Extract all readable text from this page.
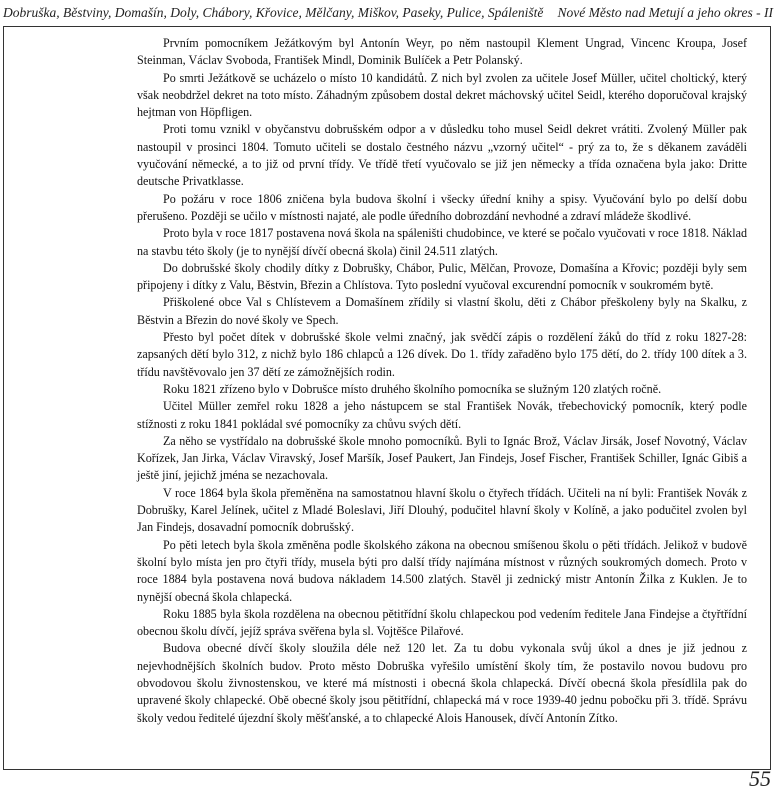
Dobruška, Běstviny, Domašín, Doly, Chábory, Křovice, Mělčany, Miškov, Paseky, Pulice, Spáleniště Nové Město nad Metují a jeho okres - II

Prvním pomocníkem Ježátkovým byl Antonín Weyr, po něm nastoupil Klement Ungrad, Vincenc Kroupa, Josef Steinman, Václav Svoboda, František Mindl, Dominik Bulíček a Petr Polanský.

Po smrti Ježátkově se ucházelo o místo 10 kandidátů. Z nich byl zvolen za učitele Josef Müller, učitel choltický, který však neobdržel dekret na toto místo. Záhadným způsobem dostal dekret máchovský učitel Seidl, kterého doporučoval krajský hejtman von Höpfligen.

Proti tomu vznikl v obyčanstvu dobrušském odpor a v důsledku toho musel Seidl dekret vrátiti. Zvolený Müller pak nastoupil v prosinci 1804. Tomuto učiteli se dostalo čestného názvu „vzorný učitel“ - prý za to, že s děkanem zaváděli vyučování německé, a to již od první třídy. Ve třídě třetí vyučovalo se již jen německy a třída označena byla jako: Dritte deutsche Privatklasse.

Po požáru v roce 1806 zničena byla budova školní i všecky úřední knihy a spisy. Vyučování bylo po delší dobu přerušeno. Později se učilo v místnosti najaté, ale podle úředního dobrozdání nevhodné a zdraví mládeže škodlivé.

Proto byla v roce 1817 postavena nová škola na spáleništi chudobince, ve které se počalo vyučovati v roce 1818. Náklad na stavbu této školy (je to nynější dívčí obecná škola) činil 24.511 zlatých.

Do dobrušské školy chodily dítky z Dobrušky, Chábor, Pulic, Mělčan, Provoze, Domašína a Křovic; později byly sem připojeny i dítky z Valu, Běstvin, Březin a Chlístova. Tyto poslední vyučoval excurendní pomocník v soukromém bytě.

Přiškolené obce Val s Chlístevem a Domašínem zřídily si vlastní školu, děti z Chábor přeškoleny byly na Skalku, z Běstvin a Březin do nové školy ve Spech.

Přesto byl počet dítek v dobrušské škole velmi značný, jak svědčí zápis o rozdělení žáků do tříd z roku 1827-28: zapsaných dětí bylo 312, z nichž bylo 186 chlapců a 126 dívek. Do 1. třídy zařaděno bylo 175 dětí, do 2. třídy 100 dítek a 3. třídu navštěvovalo jen 37 dětí ze zámožnějších rodin.

Roku 1821 zřízeno bylo v Dobrušce místo druhého školního pomocníka se služným 120 zlatých ročně.

Učitel Müller zemřel roku 1828 a jeho nástupcem se stal František Novák, třebechovický pomocník, který podle stížnosti z roku 1841 pokládal své pomocníky za chůvu svých dětí.

Za něho se vystřídalo na dobrušské škole mnoho pomocníků. Byli to Ignác Brož, Václav Jirsák, Josef Novotný, Václav Kořízek, Jan Jirka, Václav Viravský, Josef Maršík, Josef Paukert, Jan Findejs, Josef Fischer, František Schiller, Ignác Gibiš a ještě jiní, jejichž jména se nezachovala.

V roce 1864 byla škola přeměněna na samostatnou hlavní školu o čtyřech třídách. Učiteli na ní byli: František Novák z Dobrušky, Karel Jelínek, učitel z Mladé Boleslavi, Jiří Dlouhý, podučitel hlavní školy v Kolíně, a jako podučitel zvolen byl Jan Findejs, dosavadní pomocník dobrušský.

Po pěti letech byla škola změněna podle školského zákona na obecnou smíšenou školu o pěti třídách. Jelikož v budově školní bylo místa jen pro čtyři třídy, musela býti pro další třídy najímána místnost v různých soukromých domech. Proto v roce 1884 byla postavena nová budova nákladem 14.500 zlatých. Stavěl ji zednický mistr Antonín Žilka z Kuklen. Je to nynější obecná škola chlapecká.

Roku 1885 byla škola rozdělena na obecnou pětitřídní školu chlapeckou pod vedením ředitele Jana Findejse a čtyřtřídní obecnou školu dívčí, jejíž správa svěřena byla sl. Vojtěšce Pilařové.

Budova obecné dívčí školy sloužila déle než 120 let. Za tu dobu vykonala svůj úkol a dnes je již jednou z nejevhodnějších školních budov. Proto město Dobruška vyřešilo umístění školy tím, že postavilo novou budovu pro obvodovou školu živnostenskou, ve které má místnosti i obecná škola chlapecká. Dívčí obecná škola přesídlila pak do upravené školy chlapecké. Obě obecné školy jsou pětitřídní, chlapecká má v roce 1939-40 jednu pobočku při 3. třídě. Správu školy vedou ředitelé újezdní školy měšťanské, a to chlapecké Alois Hanousek, dívčí Antonín Zítko.

55
